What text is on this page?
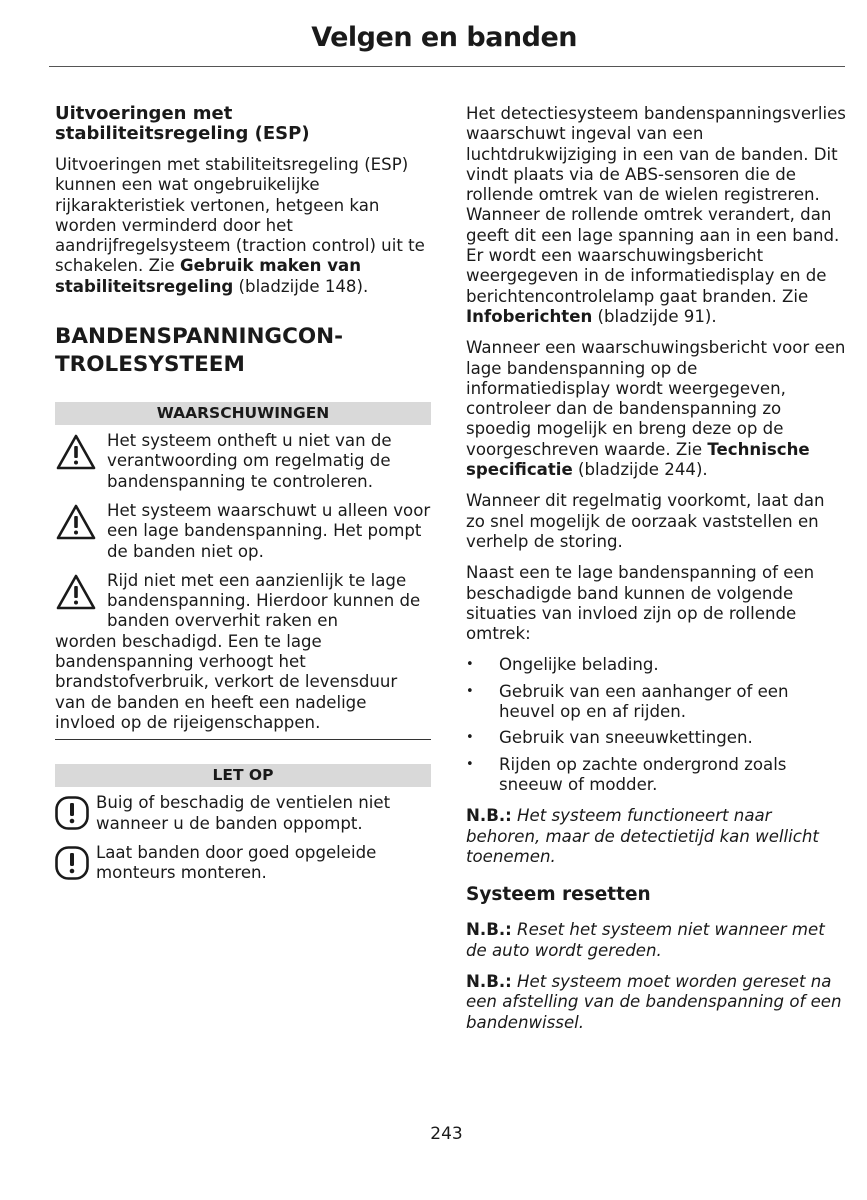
Velgen en banden
Uitvoeringen met stabiliteitsregeling (ESP)

Uitvoeringen met stabiliteitsregeling (ESP) kunnen een wat ongebruikelijke rijkarakteristiek vertonen, hetgeen kan worden verminderd door het aandrijfregelsysteem (traction control) uit te schakelen. Zie Gebruik maken van stabiliteitsregeling (bladzijde 148).

BANDENSPANNINGCON-
TROLESYSTEEM
WAARSCHUWINGEN
Het systeem ontheft u niet van de verantwoording om regelmatig de bandenspanning te controleren.
Het systeem waarschuwt u alleen voor een lage bandenspanning. Het pompt de banden niet op.
Rijd niet met een aanzienlijk te lage bandenspanning. Hierdoor kunnen de banden oververhit raken en

worden beschadigd. Een te lage bandenspanning verhoogt het brandstofverbruik, verkort de levensduur van de banden en heeft een nadelige invloed op de rijeigenschappen.

LET OP
Buig of beschadig de ventielen niet wanneer u de banden oppompt.
Laat banden door goed opgeleide monteurs monteren.

Het detectiesysteem bandenspanningsverlies waarschuwt ingeval van een luchtdrukwijziging in een van de banden. Dit vindt plaats via de ABS-sensoren die de rollende omtrek van de wielen registreren. Wanneer de rollende omtrek verandert, dan geeft dit een lage spanning aan in een band. Er wordt een waarschuwingsbericht weergegeven in de informatiedisplay en de berichtencontrolelamp gaat branden. Zie Infoberichten (bladzijde 91).

Wanneer een waarschuwingsbericht voor een lage bandenspanning op de informatiedisplay wordt weergegeven, controleer dan de bandenspanning zo spoedig mogelijk en breng deze op de voorgeschreven waarde. Zie Technische specificatie (bladzijde 244).

Wanneer dit regelmatig voorkomt, laat dan zo snel mogelijk de oorzaak vaststellen en verhelp de storing.

Naast een te lage bandenspanning of een beschadigde band kunnen de volgende situaties van invloed zijn op de rollende omtrek:

• Ongelijke belading.
• Gebruik van een aanhanger of een heuvel op en af rijden.
• Gebruik van sneeuwkettingen.
• Rijden op zachte ondergrond zoals sneeuw of modder.

N.B.: Het systeem functioneert naar behoren, maar de detectietijd kan wellicht toenemen.

Systeem resetten

N.B.: Reset het systeem niet wanneer met de auto wordt gereden.

N.B.: Het systeem moet worden gereset na een afstelling van de bandenspanning of een bandenwissel.

243
